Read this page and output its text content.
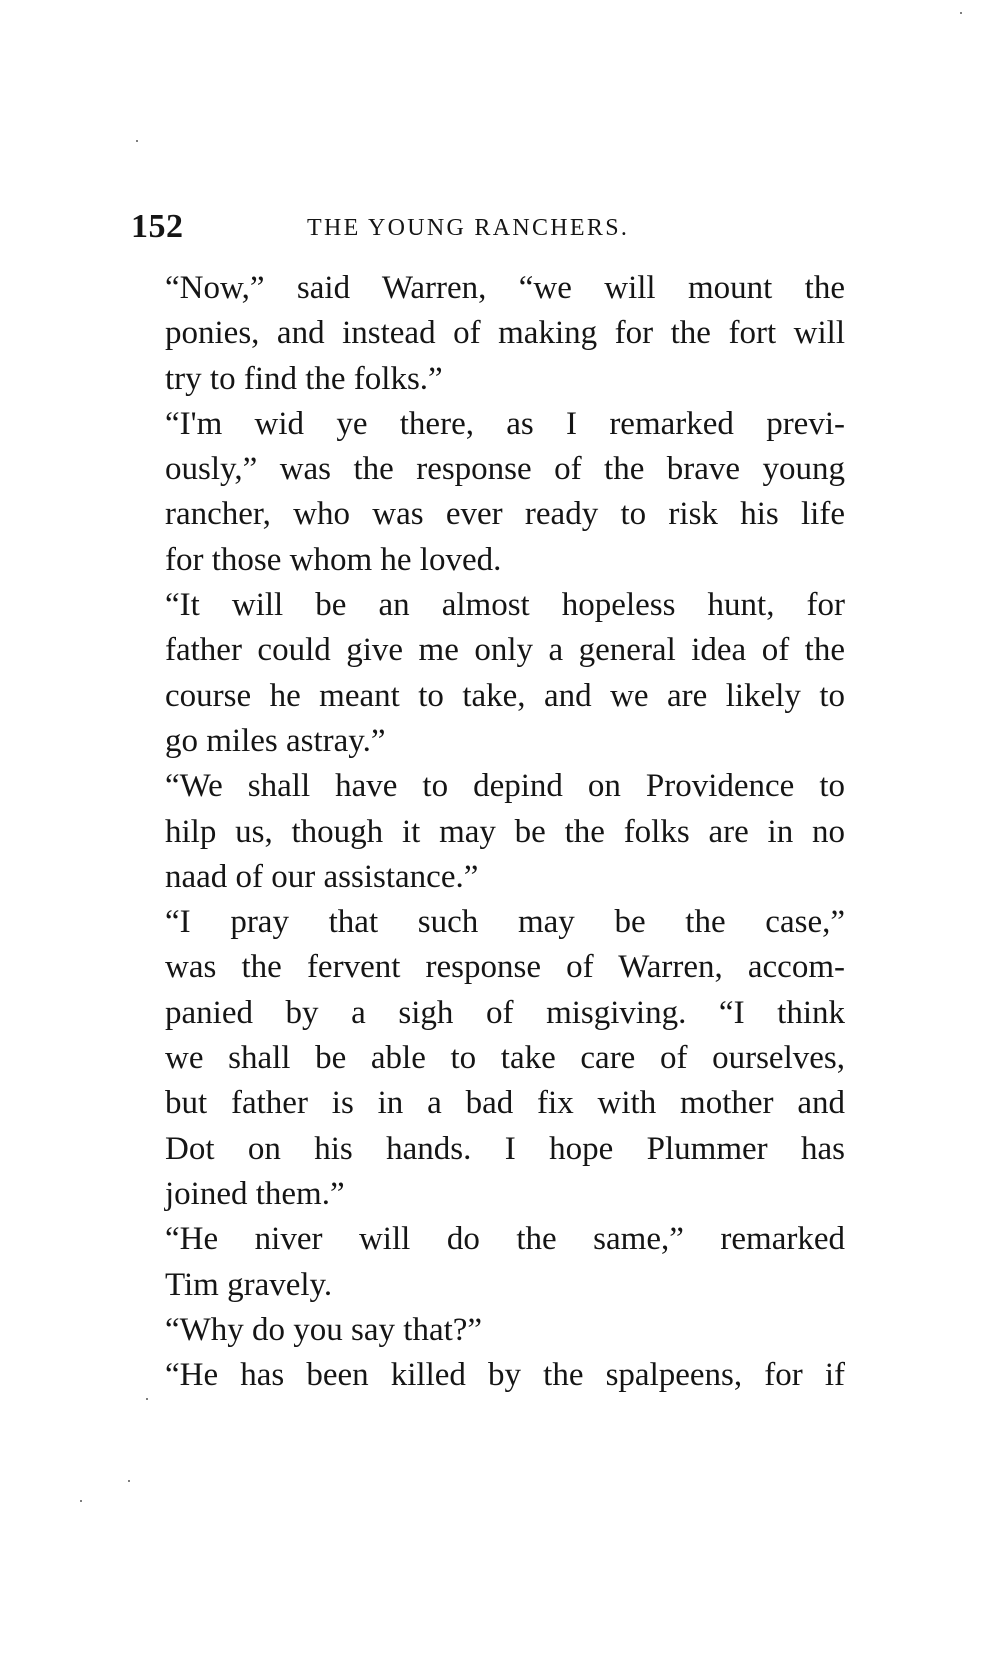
152	THE YOUNG RANCHERS.

“Now,” said Warren, “we will mount the
ponies, and instead of making for the fort will
try to find the folks.”

“I'm wid ye there, as I remarked previ-
ously,” was the response of the brave young
rancher, who was ever ready to risk his life
for those whom he loved.

“It will be an almost hopeless hunt, for
father could give me only a general idea of the
course he meant to take, and we are likely to
go miles astray.”

“We shall have to depind on Providence to
hilp us, though it may be the folks are in no
naad of our assistance.”

“I pray that such may be the case,”
was the fervent response of Warren, accom-
panied by a sigh of misgiving. “I think
we shall be able to take care of ourselves,
but father is in a bad fix with mother and
Dot on his hands. I hope Plummer has
joined them.”

“He niver will do the same,” remarked
Tim gravely.

“Why do you say that?”

“He has been killed by the spalpeens, for if
